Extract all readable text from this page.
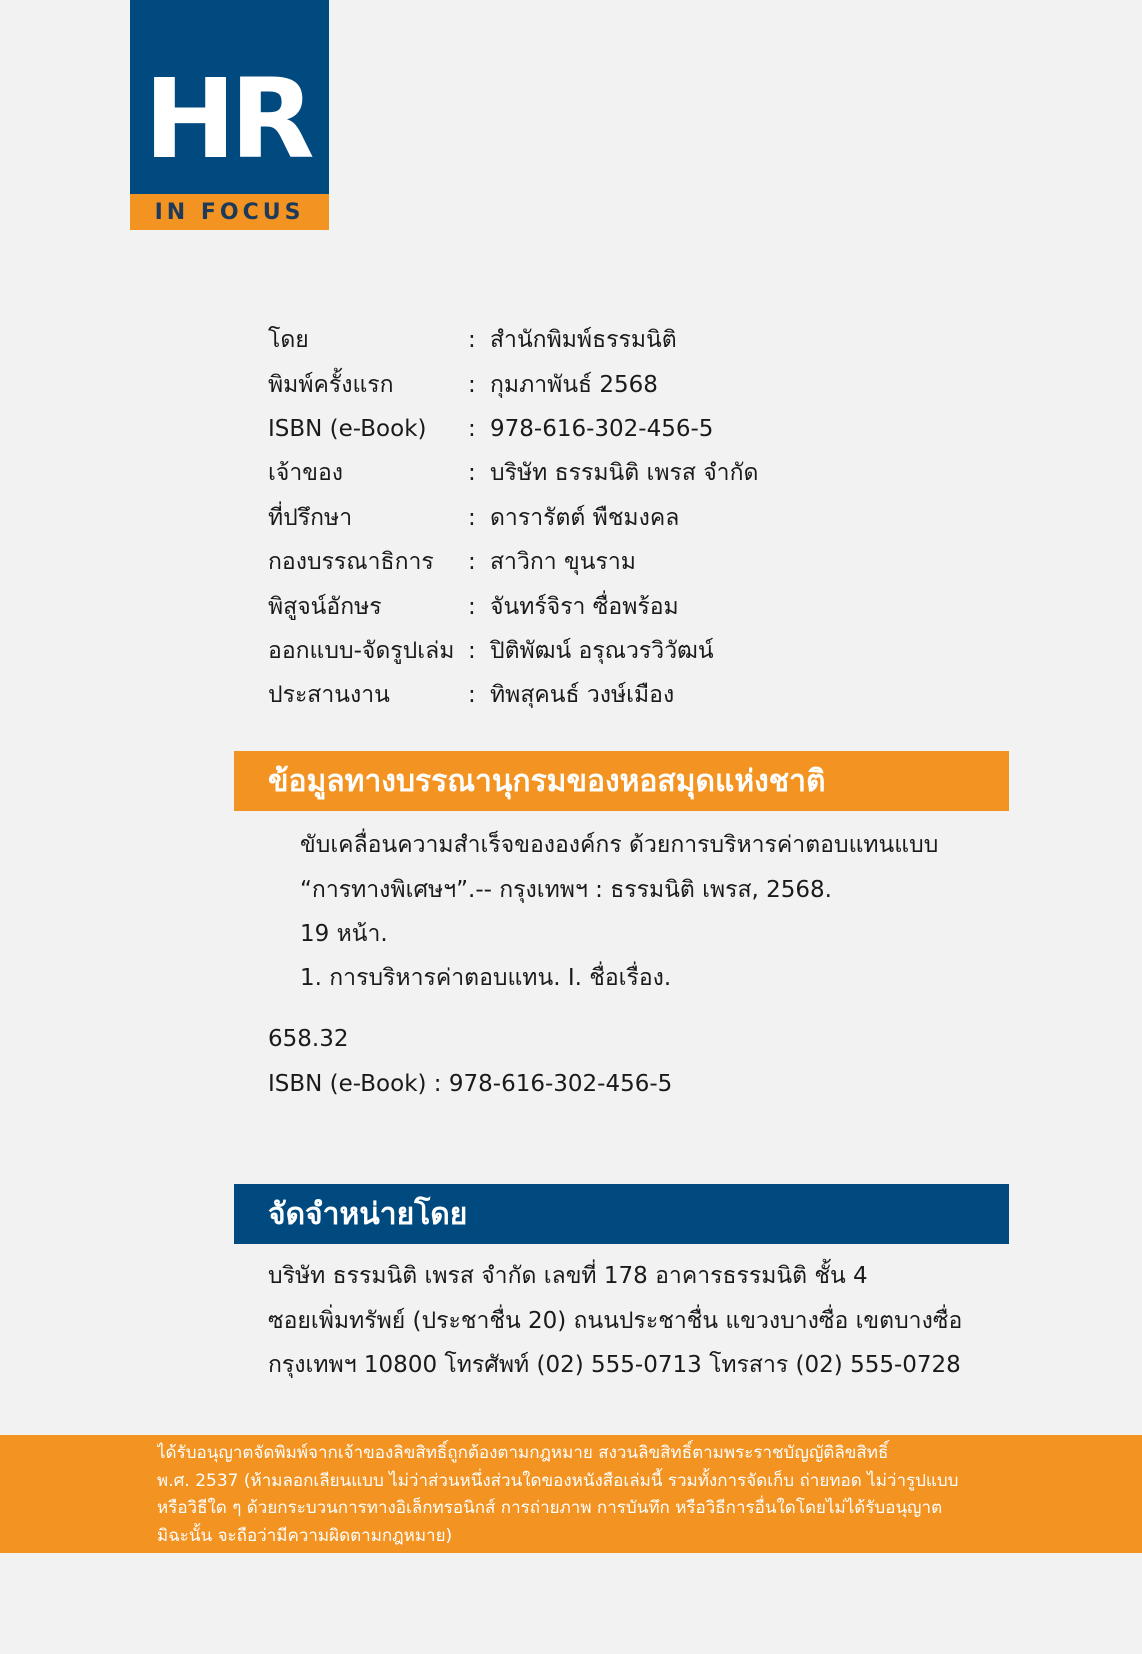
HR
IN FOCUS
โดย	: สำนักพิมพ์ธรรมนิติ
พิมพ์ครั้งแรก	: กุมภาพันธ์ 2568
ISBN (e-Book)	: 978-616-302-456-5
เจ้าของ	: บริษัท ธรรมนิติ เพรส จำกัด
ที่ปรึกษา	: ดารารัตต์ พืชมงคล
กองบรรณาธิการ	: สาวิกา ขุนราม
พิสูจน์อักษร	: จันทร์จิรา ซื่อพร้อม
ออกแบบ-จัดรูปเล่ม : ปิติพัฒน์ อรุณวรวิวัฒน์
ประสานงาน	: ทิพสุคนธ์ วงษ์เมือง
ข้อมูลทางบรรณานุกรมของหอสมุดแห่งชาติ
ขับเคลื่อนความสำเร็จขององค์กร ด้วยการบริหารค่าตอบแทนแบบ
“การทางพิเศษฯ”.-- กรุงเทพฯ : ธรรมนิติ เพรส, 2568.
19 หน้า.
1. การบริหารค่าตอบแทน. I. ชื่อเรื่อง.
658.32
ISBN (e-Book) : 978-616-302-456-5
จัดจำหน่ายโดย
บริษัท ธรรมนิติ เพรส จำกัด เลขที่ 178 อาคารธรรมนิติ ชั้น 4
ซอยเพิ่มทรัพย์ (ประชาชื่น 20) ถนนประชาชื่น แขวงบางซื่อ เขตบางซื่อ
กรุงเทพฯ 10800 โทรศัพท์ (02) 555-0713 โทรสาร (02) 555-0728
ได้รับอนุญาตจัดพิมพ์จากเจ้าของลิขสิทธิ์ถูกต้องตามกฎหมาย สงวนลิขสิทธิ์ตามพระราชบัญญัติลิขสิทธิ์
พ.ศ. 2537 (ห้ามลอกเลียนแบบ ไม่ว่าส่วนหนึ่งส่วนใดของหนังสือเล่มนี้ รวมทั้งการจัดเก็บ ถ่ายทอด ไม่ว่ารูปแบบ
หรือวิธีใด ๆ ด้วยกระบวนการทางอิเล็กทรอนิกส์ การถ่ายภาพ การบันทึก หรือวิธีการอื่นใดโดยไม่ได้รับอนุญาต
มิฉะนั้น จะถือว่ามีความผิดตามกฎหมาย)
